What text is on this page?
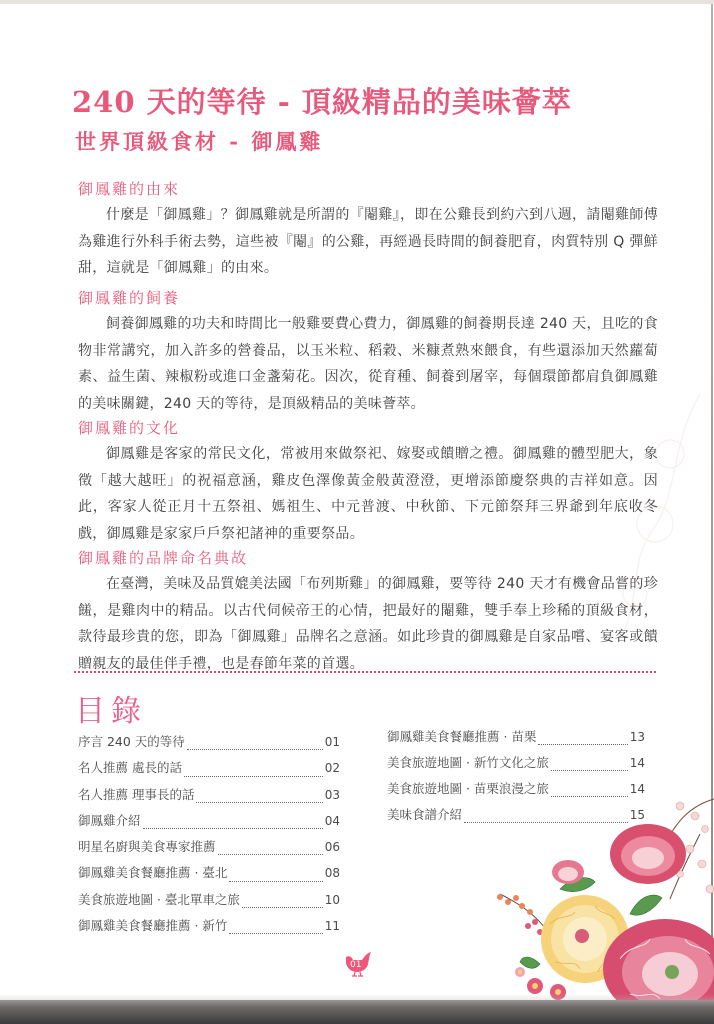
240 天的等待 - 頂級精品的美味薈萃
世界頂級食材 - 御鳳雞
御鳳雞的由來

什麼是「御鳳雞」？御鳳雞就是所謂的『閹雞』，即在公雞長到約六到八週，請閹雞師傅為雞進行外科手術去勢，這些被『閹』的公雞，再經過長時間的飼養肥育，肉質特別 Q 彈鮮甜，這就是「御鳳雞」的由來。

御鳳雞的飼養

飼養御鳳雞的功夫和時間比一般雞要費心費力，御鳳雞的飼養期長達 240 天，且吃的食物非常講究，加入許多的營養品，以玉米粒、稻穀、米糠煮熟來餵食，有些還添加天然蘿蔔素、益生菌、辣椒粉或進口金盞菊花。因次，從育種、飼養到屠宰，每個環節都肩負御鳳雞的美味關鍵，240 天的等待，是頂級精品的美味薈萃。

御鳳雞的文化

御鳳雞是客家的常民文化，常被用來做祭祀、嫁娶或饋贈之禮。御鳳雞的體型肥大，象徵「越大越旺」的祝福意涵，雞皮色澤像黃金般黃澄澄，更增添節慶祭典的吉祥如意。因此，客家人從正月十五祭祖、媽祖生、中元普渡、中秋節、下元節祭拜三界爺到年底收冬戲，御鳳雞是家家戶戶祭祀諸神的重要祭品。

御鳳雞的品牌命名典故

在臺灣，美味及品質媲美法國「布列斯雞」的御鳳雞，要等待 240 天才有機會品嘗的珍饈，是雞肉中的精品。以古代伺候帝王的心情，把最好的閹雞，雙手奉上珍稀的頂級食材，款待最珍貴的您，即為「御鳳雞」品牌名之意涵。如此珍貴的御鳳雞是自家品嚐、宴客或饋贈親友的最佳伴手禮，也是春節年菜的首選。

目錄
序言 240 天的等待	01
名人推薦 處長的話	02
名人推薦 理事長的話	03
御鳳雞介紹	04
明星名廚與美食專家推薦	06
御鳳雞美食餐廳推薦 · 臺北	08
美食旅遊地圖 · 臺北單車之旅	10
御鳳雞美食餐廳推薦 · 新竹	11
御鳳雞美食餐廳推薦 · 苗栗	13
美食旅遊地圖 · 新竹文化之旅	14
美食旅遊地圖 · 苗栗浪漫之旅	14
美味食譜介紹	15
01
